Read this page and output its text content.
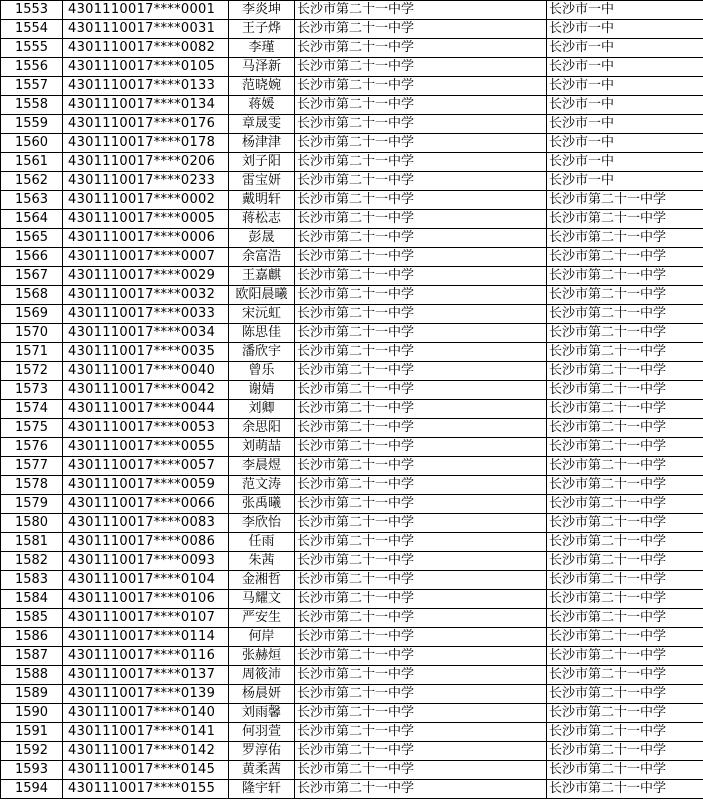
1553	4301110017****0001	李炎坤	长沙市第二十一中学	长沙市一中
1554	4301110017****0031	王子烨	长沙市第二十一中学	长沙市一中
1555	4301110017****0082	李瑾	长沙市第二十一中学	长沙市一中
1556	4301110017****0105	马泽新	长沙市第二十一中学	长沙市一中
1557	4301110017****0133	范晓婉	长沙市第二十一中学	长沙市一中
1558	4301110017****0134	蒋媛	长沙市第二十一中学	长沙市一中
1559	4301110017****0176	章晟雯	长沙市第二十一中学	长沙市一中
1560	4301110017****0178	杨津津	长沙市第二十一中学	长沙市一中
1561	4301110017****0206	刘子阳	长沙市第二十一中学	长沙市一中
1562	4301110017****0233	雷宝妍	长沙市第二十一中学	长沙市一中
1563	4301110017****0002	戴明轩	长沙市第二十一中学	长沙市第二十一中学
1564	4301110017****0005	蒋松志	长沙市第二十一中学	长沙市第二十一中学
1565	4301110017****0006	彭晟	长沙市第二十一中学	长沙市第二十一中学
1566	4301110017****0007	余富浩	长沙市第二十一中学	长沙市第二十一中学
1567	4301110017****0029	王嘉麒	长沙市第二十一中学	长沙市第二十一中学
1568	4301110017****0032	欧阳晨曦	长沙市第二十一中学	长沙市第二十一中学
1569	4301110017****0033	宋沅虹	长沙市第二十一中学	长沙市第二十一中学
1570	4301110017****0034	陈思佳	长沙市第二十一中学	长沙市第二十一中学
1571	4301110017****0035	潘欣宇	长沙市第二十一中学	长沙市第二十一中学
1572	4301110017****0040	曾乐	长沙市第二十一中学	长沙市第二十一中学
1573	4301110017****0042	谢婧	长沙市第二十一中学	长沙市第二十一中学
1574	4301110017****0044	刘卿	长沙市第二十一中学	长沙市第二十一中学
1575	4301110017****0053	余思阳	长沙市第二十一中学	长沙市第二十一中学
1576	4301110017****0055	刘萌喆	长沙市第二十一中学	长沙市第二十一中学
1577	4301110017****0057	李晨煜	长沙市第二十一中学	长沙市第二十一中学
1578	4301110017****0059	范文涛	长沙市第二十一中学	长沙市第二十一中学
1579	4301110017****0066	张禹曦	长沙市第二十一中学	长沙市第二十一中学
1580	4301110017****0083	李欣怡	长沙市第二十一中学	长沙市第二十一中学
1581	4301110017****0086	任雨	长沙市第二十一中学	长沙市第二十一中学
1582	4301110017****0093	朱茜	长沙市第二十一中学	长沙市第二十一中学
1583	4301110017****0104	金湘哲	长沙市第二十一中学	长沙市第二十一中学
1584	4301110017****0106	马耀文	长沙市第二十一中学	长沙市第二十一中学
1585	4301110017****0107	严安生	长沙市第二十一中学	长沙市第二十一中学
1586	4301110017****0114	何岸	长沙市第二十一中学	长沙市第二十一中学
1587	4301110017****0116	张赫烜	长沙市第二十一中学	长沙市第二十一中学
1588	4301110017****0137	周筱沛	长沙市第二十一中学	长沙市第二十一中学
1589	4301110017****0139	杨晨妍	长沙市第二十一中学	长沙市第二十一中学
1590	4301110017****0140	刘雨馨	长沙市第二十一中学	长沙市第二十一中学
1591	4301110017****0141	何羽萱	长沙市第二十一中学	长沙市第二十一中学
1592	4301110017****0142	罗淳佑	长沙市第二十一中学	长沙市第二十一中学
1593	4301110017****0145	黄柔茜	长沙市第二十一中学	长沙市第二十一中学
1594	4301110017****0155	隆宇轩	长沙市第二十一中学	长沙市第二十一中学
